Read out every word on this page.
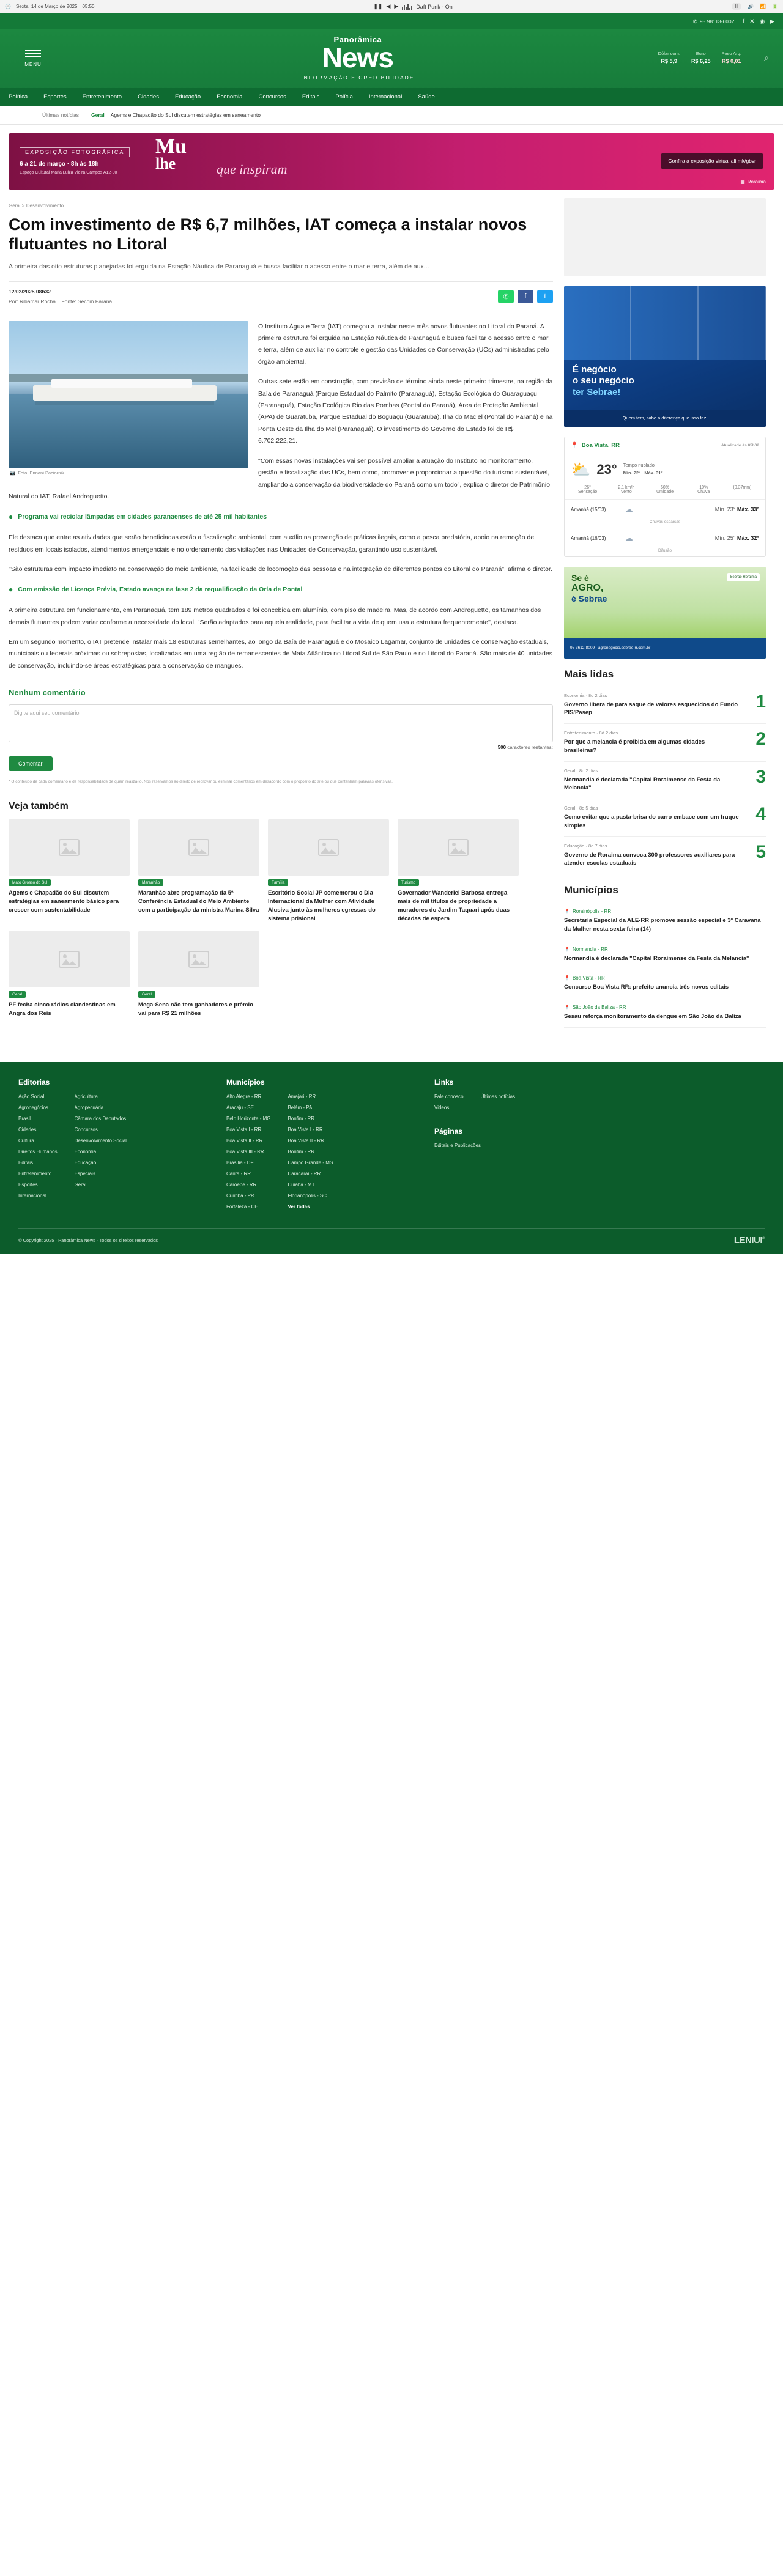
🕐 Sexta, 14 de Março de 2025 05:50	❚❚ ◀ ▶	Daft Punk - On	II	🔊 📶 🔋
✆ 95 98113-6002 f ✕ ◉ ▶
MENU
Panorâmica
News
INFORMAÇÃO E CREDIBILIDADE
Dólar com.
R$ 5,9
Euro
R$ 6,25
Peso Arg.
R$ 0,01	⌕
Política	Esportes	Entretenimento	Cidades	Educação	Economia	Concursos	Editais	Polícia	Internacional	Saúde
Últimas notícias	Geral Agems e Chapadão do Sul discutem estratégias em saneamento
EXPOSIÇÃO FOTOGRÁFICA
6 a 21 de março · 8h às 18h
Espaço Cultural Maria Luiza Vieira Campos A12-00
Mu
lhe	que inspiram
Confira a exposição virtual ali.mk/gbvr
▦ Roraima
Geral > Desenvolvimento...
Com investimento de R$ 6,7 milhões, IAT começa a instalar novos flutuantes no Litoral

A primeira das oito estruturas planejadas foi erguida na Estação Náutica de Paranaguá e busca facilitar o acesso entre o mar e terra, além de aux...

12/02/2025 08h32
Por: Ribamar Rocha Fonte: Secom Paraná
✆	f	t
📷 Foto: Ennani Paciornik

O Instituto Água e Terra (IAT) começou a instalar neste mês novos flutuantes no Litoral do Paraná. A primeira estrutura foi erguida na Estação Náutica de Paranaguá e busca facilitar o acesso entre o mar e terra, além de auxiliar no controle e gestão das Unidades de Conservação (UCs) administradas pelo órgão ambiental.

Outras sete estão em construção, com previsão de término ainda neste primeiro trimestre, na região da Baía de Paranaguá (Parque Estadual do Palmito (Paranaguá), Estação Ecológica do Guaraguaçu (Paranaguá), Estação Ecológica Rio das Pombas (Pontal do Paraná), Área de Proteção Ambiental (APA) de Guaratuba, Parque Estadual do Boguaçu (Guaratuba), Ilha do Maciel (Pontal do Paraná) e na Ponta Oeste da Ilha do Mel (Paranaguá). O investimento do Governo do Estado foi de R$ 6.702.222,21.

"Com essas novas instalações vai ser possível ampliar a atuação do Instituto no monitoramento, gestão e fiscalização das UCs, bem como, promover e proporcionar a questão do turismo sustentável, ampliando a conservação da biodiversidade do Paraná como um todo", explica o diretor de Patrimônio Natural do IAT, Rafael Andreguetto.

● Programa vai reciclar lâmpadas em cidades paranaenses de até 25 mil habitantes

Ele destaca que entre as atividades que serão beneficiadas estão a fiscalização ambiental, com auxílio na prevenção de práticas ilegais, como a pesca predatória, apoio na remoção de resíduos em locais isolados, atendimentos emergenciais e no ordenamento das visitações nas Unidades de Conservação, garantindo uso sustentável.

"São estruturas com impacto imediato na conservação do meio ambiente, na facilidade de locomoção das pessoas e na integração de diferentes pontos do Litoral do Paraná", afirma o diretor.

● Com emissão de Licença Prévia, Estado avança na fase 2 da requalificação da Orla de Pontal

A primeira estrutura em funcionamento, em Paranaguá, tem 189 metros quadrados e foi concebida em alumínio, com piso de madeira. Mas, de acordo com Andreguetto, os tamanhos dos demais flutuantes podem variar conforme a necessidade do local. "Serão adaptados para aquela realidade, para facilitar a vida de quem usa a estrutura frequentemente", destaca.

Em um segundo momento, o IAT pretende instalar mais 18 estruturas semelhantes, ao longo da Baía de Paranaguá e do Mosaico Lagamar, conjunto de unidades de conservação estaduais, municipais ou federais próximas ou sobrepostas, localizadas em uma região de remanescentes de Mata Atlântica no Litoral Sul de São Paulo e no Litoral do Paraná. São mais de 40 unidades de conservação, incluindo-se áreas estratégicas para a conservação de mangues.

Nenhum comentário
Digite aqui seu comentário
500 caracteres restantes:
Comentar
* O conteúdo de cada comentário é de responsabilidade de quem realizá-lo. Nos reservamos ao direito de reprovar ou eliminar comentários em desacordo com o propósito do site ou que contenham palavras ofensivas.
Veja também
Mato Grosso do Sul
Agems e Chapadão do Sul discutem estratégias em saneamento básico para crescer com sustentabilidade
Maranhão
Maranhão abre programação da 5ª Conferência Estadual do Meio Ambiente com a participação da ministra Marina Silva
Família
Escritório Social JP comemorou o Dia Internacional da Mulher com Atividade Alusiva junto às mulheres egressas do sistema prisional
Turismo
Governador Wanderlei Barbosa entrega mais de mil títulos de propriedade a moradores do Jardim Taquari após duas décadas de espera
Geral
PF fecha cinco rádios clandestinas em Angra dos Reis
Geral
Mega-Sena não tem ganhadores e prêmio vai para R$ 21 milhões
É negócio
o seu negócio
ter Sebrae!
Quem tem, sabe a diferença que isso faz!
📍 Boa Vista, RR	Atualizado às 05h02
⛅ 23° Tempo nublado
Mín. 22° Máx. 31°
26°
Sensação
2,1 km/h
Vento
60%
Umidade
10%
Chuva
(0,37mm)
Amanhã (15/03)	☁	Mín. 23° Máx. 33°
Chuvas esparsas
Amanhã (16/03)	☁	Mín. 25° Máx. 32°
Difusão
Se é
AGRO,
é Sebrae
Sebrae Roraima
95 3612-8009 · agronegocio.sebrae-rr.com.br
Mais lidas
Economia · 8d 2 dias
Governo libera de para saque de valores esquecidos do Fundo PIS/Pasep
1
Entretenimento · 8d 2 dias
Por que a melancia é proibida em algumas cidades brasileiras?
2
Geral · 8d 2 dias
Normandia é declarada "Capital Roraimense da Festa da Melancia"
3
Geral · 8d 5 dias
Como evitar que a pasta-brisa do carro embace com um truque simples
4
Educação · 8d 7 dias
Governo de Roraima convoca 300 professores auxiliares para atender escolas estaduais
5
Municípios
📍 Rorainópolis - RR
Secretaria Especial da ALE-RR promove sessão especial e 3ª Caravana da Mulher nesta sexta-feira (14)
📍 Normandia - RR
Normandia é declarada "Capital Roraimense da Festa da Melancia"
📍 Boa Vista - RR
Concurso Boa Vista RR: prefeito anuncia três novos editais
📍 São João da Baliza - RR
Sesau reforça monitoramento da dengue em São João da Baliza
Editorias
Ação Social
Agronegócios
Brasil
Cidades
Cultura
Direitos Humanos
Editais
Entretenimento
Esportes
Internacional
Agricultura
Agropecuária
Câmara dos Deputados
Concursos
Desenvolvimento Social
Economia
Educação
Especiais
Geral
Municípios
Alto Alegre - RR
Aracaju - SE
Belo Horizonte - MG
Boa Vista I - RR
Boa Vista II - RR
Boa Vista III - RR
Brasília - DF
Cantá - RR
Caroebe - RR
Curitiba - PR
Fortaleza - CE
Amajari - RR
Belém - PA
Bonfim - RR
Boa Vista I - RR
Boa Vista II - RR
Bonfim - RR
Campo Grande - MS
Caracaraí - RR
Cuiabá - MT
Florianópolis - SC
Ver todas
Links
Fale conosco
Videos
Últimas notícias
Páginas
Editais e Publicações
© Copyright 2025 · Panorâmica News · Todos os direitos reservados	LENIUI®
